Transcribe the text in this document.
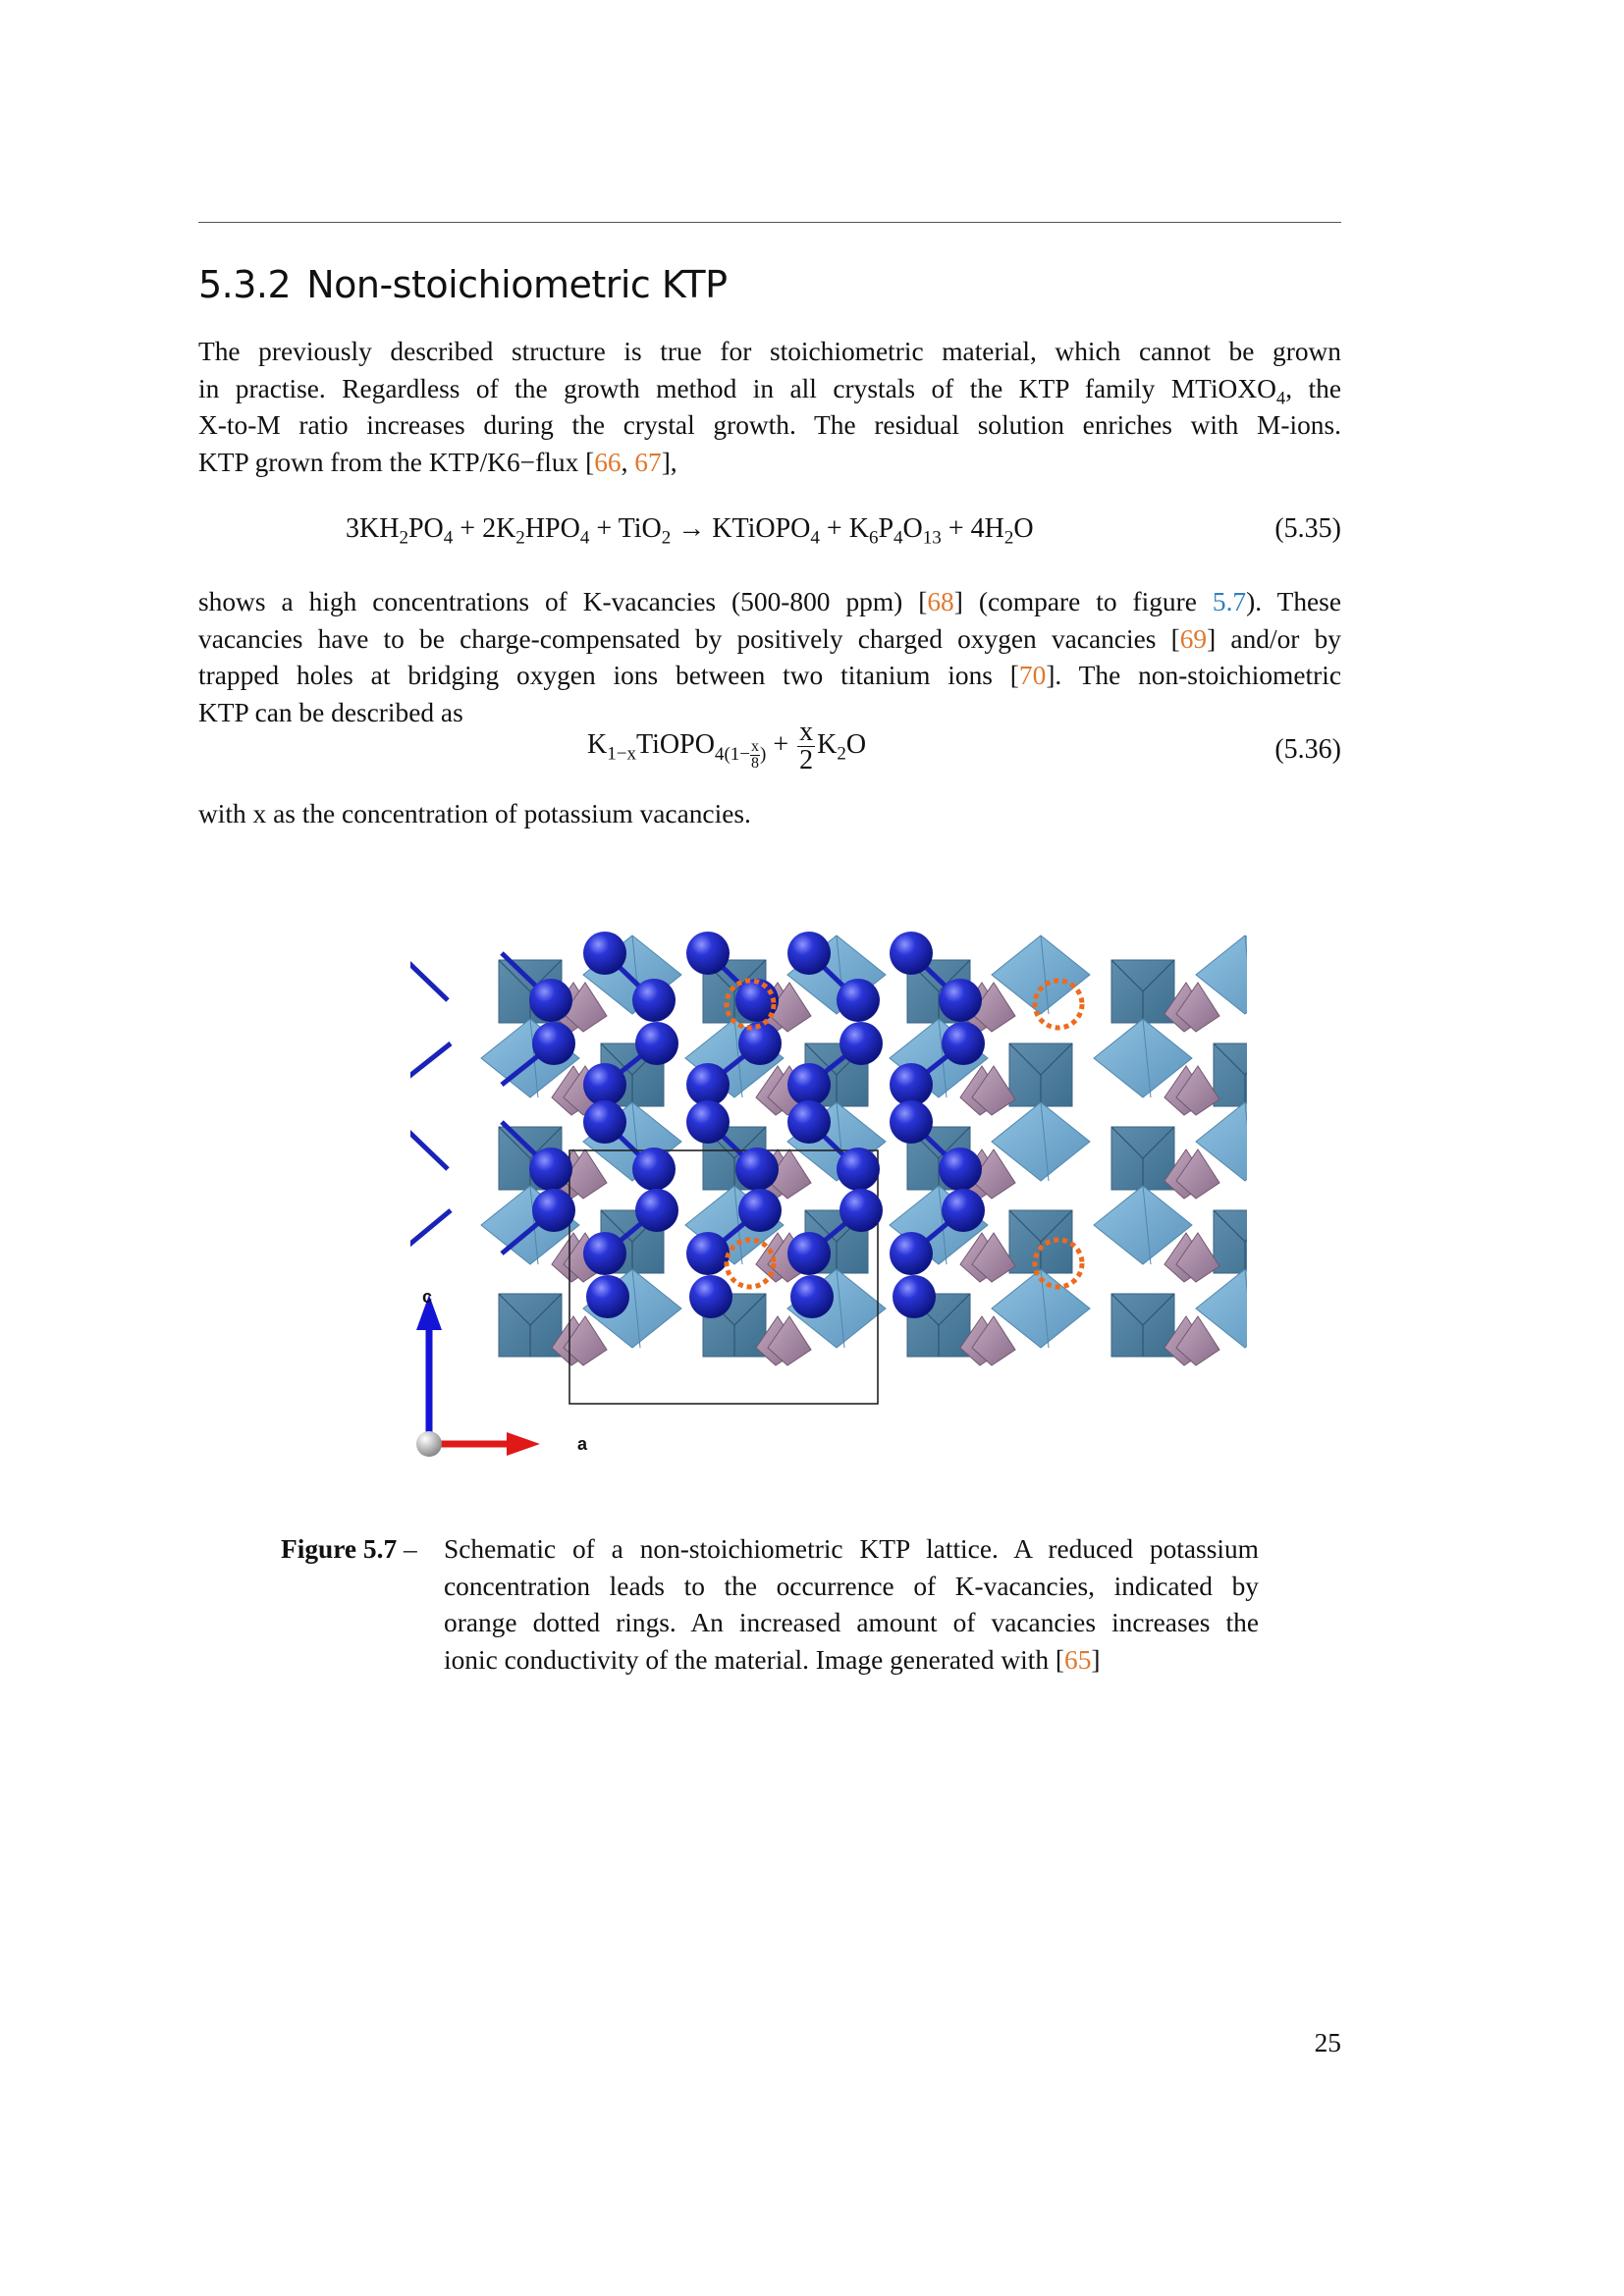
5.3.2 Non-stoichiometric KTP
The previously described structure is true for stoichiometric material, which cannot be grown
in practise. Regardless of the growth method in all crystals of the KTP family MTiOXO$_4$, the
X-to-M ratio increases during the crystal growth. The residual solution enriches with M-ions.
KTP grown from the KTP/K6−flux [66, 67],
$3KH_2PO_4 + 2K_2HPO_4 + TiO_2$ → KTiOPO$_4$ + $K_6P_4O_{13} + 4H_2O$	(5.35)
shows a high concentrations of K-vacancies (500-800 ppm) [68] (compare to figure 5.7). These
vacancies have to be charge-compensated by positively charged oxygen vacancies [69] and/or by
trapped holes at bridging oxygen ions between two titanium ions [70]. The non-stoichiometric
KTP can be described as
$K_{1-x}TiOPO_{4(1- \frac{x}{8} )} + \frac{x}{2} K_2O$	(5.36)
with x as the concentration of potassium vacancies.
c
a
Figure 5.7 – Schematic of a non-stoichiometric KTP lattice. A reduced potassium
concentration leads to the occurrence of K-vacancies, indicated by
orange dotted rings. An increased amount of vacancies increases the
ionic conductivity of the material. Image generated with [65]
25
